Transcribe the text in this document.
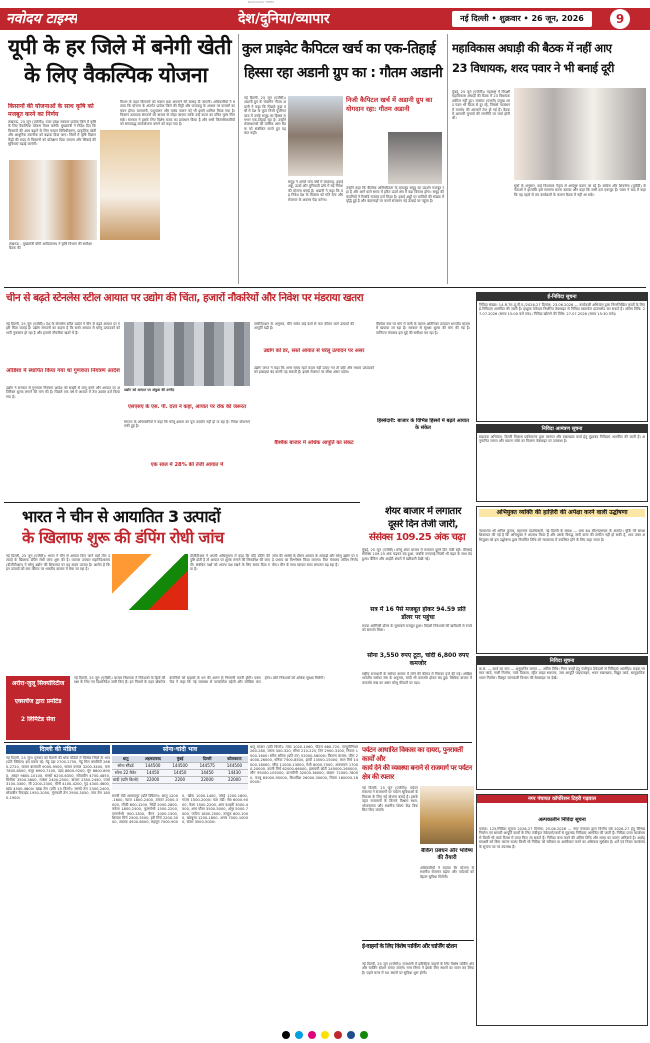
NAVODAYA TIMES
नवोदय टाइम्स	देश/दुनिया/व्यापार	नई दिल्ली • शुक्रवार • 26 जून, 2026	9
यूपी के हर जिले में बनेगी खेती
के लिए वैकल्पिक योजना
किसानों की योजनाओं के साथ कृषि को मजबूत करने का निर्णय
लखनऊ, 25 जून (एजेंसी)। उत्तर प्रदेश सरकार प्रत्येक जिले में कृषि के लिए वैकल्पिक योजना तैयार करेगी। मुख्यमंत्री ने निर्देश दिए कि किसानों की आय बढ़ाने के लिए फसल विविधीकरण, प्राकृतिक खेती और आधुनिक तकनीक को बढ़ावा दिया जाए। जिलों में कृषि विज्ञान केंद्रों की मदद से किसानों को प्रशिक्षण दिया जाएगा और सिंचाई की सुविधाएं बढ़ाई जाएंगी।
लखनऊ : मुख्यमंत्री योगी आदित्यनाथ ने कृषि विभाग की समीक्षा बैठक की
मिशन के तहत किसानों को फसल चक्र अपनाने की सलाह दी जाएगी। अधिकारियों ने बताया कि योजना के अंतर्गत प्रत्येक जिले की मिट्टी और जलवायु के आधार पर फसलों का चयन होगा। बागवानी, पशुपालन और मत्स्य पालन को भी इसमें शामिल किया गया है। किसान उत्पादक संगठनों को बाजार से जोड़ा जाएगा ताकि उन्हें उपज का उचित मूल्य मिल सके। सरकार ने इसके लिए विशेष बजट का प्रावधान किया है और सभी जिलाधिकारियों को समयबद्ध कार्ययोजना बनाने को कहा गया है।
कुल प्राइवेट कैपिटल खर्च का एक-तिहाई
हिस्सा रहा अडानी ग्रुप का : गौतम अडानी
नई दिल्ली, 25 जून (एजेंसी)। अडानी ग्रुप के चेयरमैन गौतम अडानी ने कहा कि पिछले कुछ वर्षों में देश के कुल निजी पूंजीगत व्यय में उनके समूह का हिस्सा लगभग एक-तिहाई रहा है। उन्होंने शेयरधारकों की वार्षिक आम बैठक को संबोधित करते हुए यह बात कही।
समूह ने अगले पांच वर्षों में बंदरगाह, हवाई अड्डे, ऊर्जा और बुनियादी ढांचे में बड़े निवेश की योजना बनाई है। अडानी ने कहा कि यह निवेश देश के विकास को गति देगा और रोजगार के अवसर पैदा करेगा।
निजी कैपिटल खर्च में अडानी ग्रुप का योगदान रहा: गौतम अडानी
उन्होंने कहा कि वैश्विक अनिश्चितता के बावजूद समूह का प्रदर्शन मजबूत रहा है और आने वाले समय में हरित ऊर्जा क्षेत्र में बड़ा विस्तार होगा। समूह की कंपनियों ने रिकॉर्ड राजस्व दर्ज किया है। हवाई अड्डों पर यात्रियों की संख्या में वृद्धि हुई है और बंदरगाहों पर कार्गो संचालन नई ऊंचाई पर पहुंचा है।
महाविकास अघाड़ी की बैठक में नहीं आए
23 विधायक, शरद पवार ने भी बनाई दूरी
मुंबई, 25 जून (एजेंसी)। महाराष्ट्र में विपक्षी महाविकास अघाड़ी की बैठक में 23 विधायक शामिल नहीं हुए। राकांपा (एसपी) प्रमुख शरद पवार भी बैठक से दूर रहे, जिससे गठबंधन में मतभेद की अटकलें तेज हो गई हैं। बैठक में आगामी चुनावों की रणनीति पर चर्चा होनी थी।
सूत्रों के अनुसार, कई विधायक नेतृत्व से असंतुष्ट बताए जा रहे हैं। कांग्रेस और शिवसेना (यूबीटी) के नेताओं ने हालांकि इसे सामान्य घटना बताया और कहा कि सभी दल एकजुट हैं। पवार ने बाद में कहा कि वह पहले से तय कार्यक्रमों के कारण बैठक में नहीं आ सके।
चीन से बढ़ते स्टेनलेस स्टील आयात पर उद्योग की चिंता, हजारों नौकरियों और निवेश पर मंडराया खतरा
नई दिल्ली, 25 जून (एजेंसी)। देश के स्टेनलेस स्टील उद्योग ने चीन से बढ़ते आयात पर गहरी चिंता जताई है। उद्योग संगठनों का कहना है कि सस्ते आयात से घरेलू उत्पादकों को भारी नुकसान हो रहा है और हजारों नौकरियां खतरे में हैं।
ओडिशा में स्थापित किया गया था गुणवत्ता नियंत्रण आदेश
उद्योग ने सरकार से गुणवत्ता नियंत्रण आदेश को सख्ती से लागू करने और आयात पर अतिरिक्त शुल्क लगाने की मांग की है। पिछले एक वर्ष में आयात में तेज उछाल दर्ज किया गया है।
उद्योग को आयात पर अंकुश की उम्मीद
एसएसए के एस. पी. दत्ता ने कहा, आयात पर रोक की जरूरत
संगठन के अधिकारियों ने कहा कि घरेलू क्षमता का पूरा उपयोग नहीं हो पा रहा है। निवेश योजनाएं रुकी हुई हैं।
एक साल में 28% की तेजी आयात में
एसोसिएशन के अनुसार, चीन समेत कई देशों से कम कीमत वाले उत्पादों की आपूर्ति बढ़ी है।
उद्योग को डर, सस्ते आयात से घरेलू उत्पादन पर असर
उद्योग जगत ने कहा कि अगर समय रहते कदम नहीं उठाए गए तो छोटे और मध्यम उत्पादकों को इकाइयां बंद करनी पड़ सकती हैं। इससे रोजगार पर सीधा असर पड़ेगा।
वैश्विक बाजार में अधिक आपूर्ति का संकट
वैश्विक स्तर पर मांग में कमी के कारण अतिरिक्त उत्पादन भारतीय बाजार में खपाया जा रहा है। सरकार से सुरक्षा शुल्क की मांग की गई है। वाणिज्य मंत्रालय इस मुद्दे की समीक्षा कर रहा है।
हिस्सेदारी: बाजार के विभिन्न हिस्सों में बढ़ते आयात के संकेत
भारत ने चीन से आयातित 3 उत्पादों
के खिलाफ शुरू की डंपिंग रोधी जांच
नई दिल्ली, 25 जून (एजेंसी)। भारत ने चीन से आयात किए जाने वाले तीन उत्पादों के खिलाफ डंपिंग रोधी जांच शुरू की है। व्यापार उपचार महानिदेशालय (डीजीटीआर) ने घरेलू उद्योग की शिकायत पर यह कदम उठाया है। आरोप है कि इन उत्पादों को कम कीमत पर भारतीय बाजार में बेचा जा रहा है।
डीजीटीआर ने अपनी अधिसूचना में कहा कि यदि डंपिंग की पुष्टि होती है तो आयात पर शुल्क लगाने की सिफारिश की जाएगी। संबंधित पक्षों को अपना पक्ष रखने के लिए समय दिया गया है।
जांच की अवधि के दौरान आयात के आंकड़ों और घरेलू उद्योग पर पड़े प्रभाव का विश्लेषण किया जाएगा। वित्त मंत्रालय अंतिम निर्णय लेगा। चीन के साथ व्यापार घाटा लगातार बढ़ रहा है।
अरोरा-जुलू सिक्योरिटीज
एक्सचेंज द्वारा प्रमोटेड
2 लिमिटेड सेवा
नई दिल्ली, 25 जून (एजेंसी)। बाजार नियामक ने निवेशकों के हितों की रक्षा के लिए नए दिशानिर्देश जारी किए हैं। इन नियमों के तहत ब्रोकरेज कंपनियों को ग्राहकों के धन की अलग से निगरानी करनी होगी। एक्सचेंज ने कहा कि नई व्यवस्था से पारदर्शिता बढ़ेगी और जोखिम कम होगा। छोटे निवेशकों को अधिक सुरक्षा मिलेगी।
शेयर बाजार में लगातार
दूसरे दिन तेजी जारी,
सेंसेक्स 109.25 अंक चढ़ा
मुंबई, 25 जून (एजेंसी)। घरेलू शेयर बाजार में लगातार दूसरे दिन तेजी रही। बीएसई सेंसेक्स 109.25 अंक चढ़कर बंद हुआ, जबकि एनएसई निफ्टी भी बढ़त के साथ बंद हुआ। बैंकिंग और आईटी शेयरों में खरीदारी देखी गई।
सत्र में 16 पैसे मजबूत होकर 94.59 प्रति डॉलर पर पहुंचा
रुपया अमेरिकी डॉलर के मुकाबले मजबूत हुआ। विदेशी निवेशकों की खरीदारी से रुपये को समर्थन मिला।
सोना 3,550 रुपए टूटा, चांदी 6,800 रुपए कमजोर
राष्ट्रीय राजधानी के सर्राफा बाजार में सोने की कीमत में गिरावट दर्ज की गई। अखिल भारतीय सर्राफा संघ के अनुसार, चांदी भी कमजोर होकर बंद हुई। वैश्विक बाजार में कमजोर रुख का असर घरेलू कीमतों पर पड़ा।
ई-निविदा सूचना
निविदा संख्या: 14-R.TE-यू.पी.ए./2026-27 दिनांक: 23.06.2026 — कार्यकारी अभियंता द्वारा निम्नलिखित कार्यों के लिए ई-निविदाएं आमंत्रित की जाती हैं। इच्छुक ठेकेदार निर्धारित वेबसाइट से निविदा दस्तावेज डाउनलोड कर सकते हैं। अंतिम तिथि: 27.07.2026 (समय 15:00 बजे तक)। निविदा खोलने की तिथि: 27.07.2026 (समय 15:30 बजे)।
निविदा आमंत्रण सूचना
सहायक अभियंता, दिल्ली विकास प्राधिकरण द्वारा मरम्मत और रखरखाव कार्य हेतु मुहरबंद निविदाएं आमंत्रित की जाती हैं। अनुमानित लागत और बयाना राशि का विवरण वेबसाइट पर उपलब्ध है।
अभियुक्त व्यक्ति की हाज़िरी की अपेक्षा करने वाली उद्घोषणा
न्यायालय श्री अनिल कुमार, महानगर दंडाधिकारी, नई दिल्ली के समक्ष — धारा 84 बीएनएसएस के अंतर्गत। चूंकि मेरे समक्ष शिकायत की गई है कि अभियुक्त ने अपराध किया है और उसके विरुद्ध जारी वारंट की तामील नहीं हो सकी है, अतः उक्त अभियुक्त को इस उद्घोषणा द्वारा निर्धारित तिथि को न्यायालय में उपस्थित होने के लिए कहा जाता है।
निविदा सूचना
क्र.सं. — कार्य का नाम — अनुमानित लागत — अंतिम तिथि। निम्न कार्यों हेतु पंजीकृत ठेकेदारों से निविदाएं आमंत्रित: सड़क मरम्मत कार्य, नाली निर्माण, पार्क विकास, स्ट्रीट लाइट स्थापना, जल आपूर्ति पाइपलाइन, भवन रखरखाव, विद्युत कार्य, सामुदायिक भवन निर्माण। विस्तृत जानकारी विभाग की वेबसाइट पर देखें।
नगर पंचायत कॉर्पोरेशन टिहरी गढ़वाल
अल्पकालीन निविदा सूचना
पत्रांक: 125/निविदा सूचना 2026-27 दिनांक: 25.06.2026 — नगर पंचायत द्वारा वित्तीय वर्ष 2026-27 हेतु विभिन्न निर्माण एवं सामग्री आपूर्ति कार्यों के लिए पंजीकृत ठेकेदारों/फर्मों से मुहरबंद निविदाएं आमंत्रित की जाती हैं। निविदा प्रपत्र कार्यालय से किसी भी कार्य दिवस में प्राप्त किए जा सकते हैं। निविदा जमा करने की अंतिम तिथि और समय का पालन अनिवार्य है। अधोहस्ताक्षरी को बिना कारण बताए किसी भी निविदा को स्वीकार या अस्वीकार करने का अधिकार सुरक्षित है। शर्तें एवं नियम कार्यालय के सूचना पट पर उपलब्ध हैं।
दिल्ली की मंडियां
नई दिल्ली, 25 जून। गुरुवार को दिल्ली की थोक मंडियों में विभिन्न जिंसों के भाव (प्रति क्विंटल) इस प्रकार रहे: गेहूं दड़ा 2700-2750, गेहूं मिल क्वालिटी 2680-2720, चावल बासमती 9000-9500, चावल परमल 3200-3400, चना 7800-8000, मसूर 6900-7100, उड़द 8800-9200, मूंग 8600-8900, अरहर 9800-10100, सरसों 6200-6350, सोयाबीन 4700-4850, बिनौला 3500-3600, मक्का 2400-2500, बाजरा 2350-2450, ज्वार 3100-3300, जौ 2200-2300, चीनी 4100-4200, गुड़ 4300-4600, खांड 4500-4800। खाद्य तेल (प्रति 15 किलो): सरसों तेल 2300-2400, सोयाबीन रिफाइंड 1950-2050, मूंगफली तेल 2900-3050, पाम तेल 1800-1900।
सोना-चांदी भाव
धातु	अहमदाबाद	मुंबई	दिल्ली	कोलकाता
सोना स्टैंडर्ड	144500	144500	144575	144500
सोना 22 कैरेट	14450	14450	14450	14430
चांदी (प्रति किलो)	22000	2200	22000	22000
सब्जी मंडी आजादपुर (प्रति क्विंटल): आलू 1200-1600, प्याज 1800-2400, टमाटर 2000-3000, लौकी 800-1200, भिंडी 2000-2800, करेला 1800-2500, फूलगोभी 1500-2200, पत्तागोभी 900-1300, बैंगन 1000-1500, शिमला मिर्च 2500-3500, हरी मिर्च 2200-3000, अदरक 4500-6000, लहसुन 7000-9000, खीरा 1000-1400, तोरई 1200-1800, गाजर 1500-2000। फल मंडी: सेब 6000-9000, केला 1500-2200, आम दशहरी 3000-4500, आम चौसा 3500-5000, अंगूर 5000-7000, पपीता 1800-2500, तरबूज 600-1000, खरबूजा 1200-1800, अनार 7000-10000, संतरा 3500-5000।
धातु बाजार (प्रति किलो): तांबा 1020-1060, पीतल 680-720, एल्युमीनियम 260-280, जस्ता 300-320, सीसा 210-225, टिन 2900-3100, निकल 1500-1600। स्टील सरिया (प्रति टन) 52000-56000। किराना बाजार: जीरा 24000-26000, धनिया 7500-8500, हल्दी 13500-15000, लाल मिर्च 14000-18000, सौंफ 11000-13000, मेथी 6000-7000, अजवायन 17000-20000, काली मिर्च 62000-66000, इलायची छोटी 240000-260000, लौंग 95000-105000, दालचीनी 32000-36000, बादाम 72000-78000, काजू 85000-95000, किशमिश 26000-30000, पिस्ता 160000-180000।
पर्यटन आधारित विकास का दायरा, पुनरावर्ती कार्यों और
कार्य देने की व्यवस्था बनाने से राजमार्ग पर पर्यटन क्षेत्र की रफ्तार
नई दिल्ली, 25 जून (एजेंसी)। पर्यटन मंत्रालय ने राजमार्गों पर पर्यटन सुविधाओं के विकास के लिए नई योजना बनाई है। इसके तहत राजमार्गों के किनारे विश्राम स्थल, भोजनालय और स्थानीय शिल्प केंद्र विकसित किए जाएंगे।
बैंकिंग प्रबंधन और भविष्य की तैयारी
अधिकारियों ने बताया कि योजना से स्थानीय रोजगार बढ़ेगा और पर्यटकों को बेहतर सुविधा मिलेगी।
ई-वाहनों के लिए विशेष पार्किंग और चार्जिंग स्टेशन
नई दिल्ली, 25 जून (एजेंसी)। राजधानी में इलेक्ट्रिक वाहनों के लिए विशेष पार्किंग क्षेत्र और चार्जिंग स्टेशन बनाए जाएंगे। नगर निगम ने इसके लिए स्थानों का चयन कर लिया है। पहले चरण में 50 स्थानों पर सुविधा शुरू होगी।
